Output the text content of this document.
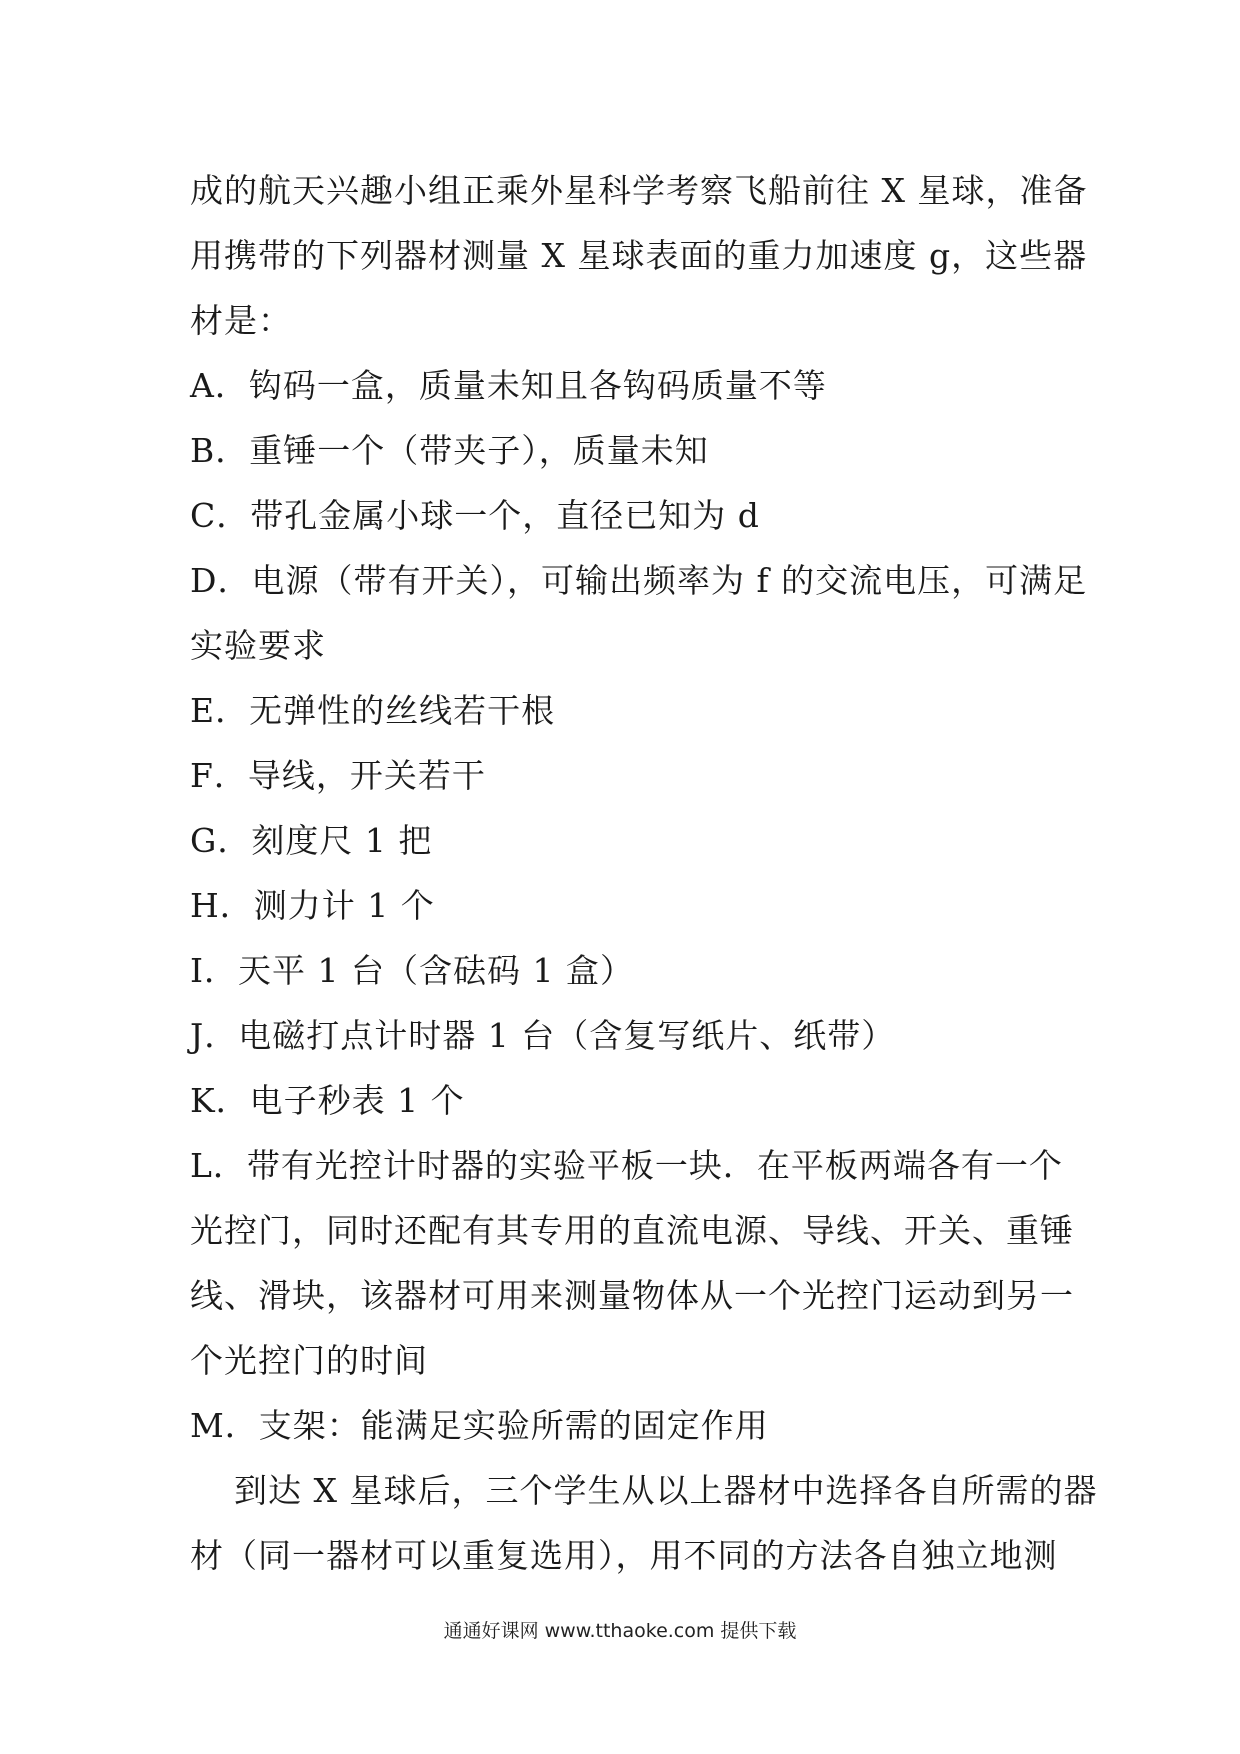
成的航天兴趣小组正乘外星科学考察飞船前往 X 星球，准备
用携带的下列器材测量 X 星球表面的重力加速度 g，这些器
材是：
A．钩码一盒，质量未知且各钩码质量不等
B．重锤一个（带夹子），质量未知
C．带孔金属小球一个，直径已知为 d
D．电源（带有开关），可输出频率为 f 的交流电压，可满足
实验要求
E．无弹性的丝线若干根
F．导线，开关若干
G．刻度尺 1 把
H．测力计 1 个
I．天平 1 台（含砝码 1 盒）
J．电磁打点计时器 1 台（含复写纸片、纸带）
K．电子秒表 1 个
L．带有光控计时器的实验平板一块．在平板两端各有一个
光控门，同时还配有其专用的直流电源、导线、开关、重锤
线、滑块，该器材可用来测量物体从一个光控门运动到另一
个光控门的时间
M．支架：能满足实验所需的固定作用
到达 X 星球后，三个学生从以上器材中选择各自所需的器
材（同一器材可以重复选用），用不同的方法各自独立地测
通通好课网 www.tthaoke.com 提供下载
